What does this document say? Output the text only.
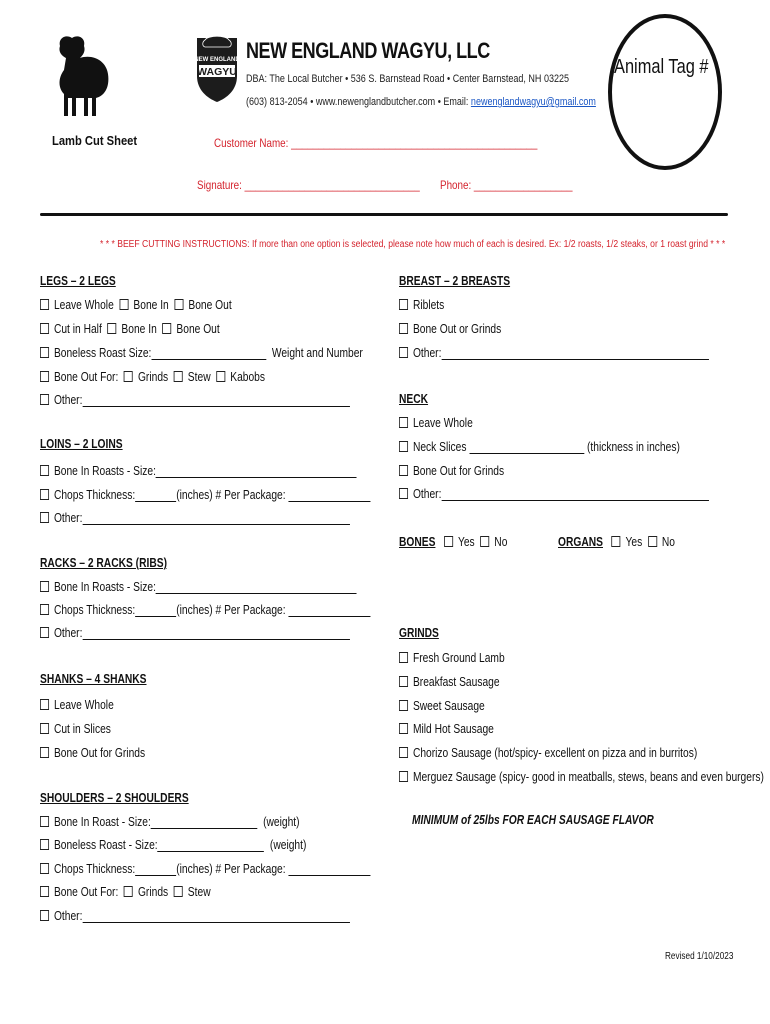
NEW ENGLAND
WAGYU
NEW ENGLAND WAGYU, LLC
DBA: The Local Butcher • 536 S. Barnstead Road • Center Barnstead, NH 03225
(603) 813-2054 • www.newenglandbutcher.com • Email: newenglandwagyu@gmail.com
Animal Tag #
Lamb Cut Sheet	Customer Name: _____________________________________________
Signature: ________________________________ Phone: __________________
* * * BEEF CUTTING INSTRUCTIONS: If more than one option is selected, please note how much of each is desired. Ex: 1/2 roasts, 1/2 steaks, or 1 roast grind * * *
LEGS – 2 LEGS
Leave Whole Bone In Bone Out
Cut in Half Bone In Bone Out
Boneless Roast Size:	Weight and Number
Bone Out For: Grinds Stew Kabobs
Other:
LOINS – 2 LOINS
Bone In Roasts - Size:
Chops Thickness:	(inches) # Per Package:
Other:
RACKS – 2 RACKS (RIBS)
Bone In Roasts - Size:
Chops Thickness:	(inches) # Per Package:
Other:
SHANKS – 4 SHANKS
Leave Whole
Cut in Slices
Bone Out for Grinds
SHOULDERS – 2 SHOULDERS
Bone In Roast - Size:	(weight)
Boneless Roast - Size:	(weight)
Chops Thickness:	(inches) # Per Package:
Bone Out For: Grinds Stew
Other:
BREAST – 2 BREASTS
Riblets
Bone Out or Grinds
Other:
NECK
Leave Whole
Neck Slices	(thickness in inches)
Bone Out for Grinds
Other:
BONES Yes No	ORGANS Yes No
GRINDS
Fresh Ground Lamb
Breakfast Sausage
Sweet Sausage
Mild Hot Sausage
Chorizo Sausage (hot/spicy- excellent on pizza and in burritos)
Merguez Sausage (spicy- good in meatballs, stews, beans and even burgers)
MINIMUM of 25lbs FOR EACH SAUSAGE FLAVOR
Revised 1/10/2023
